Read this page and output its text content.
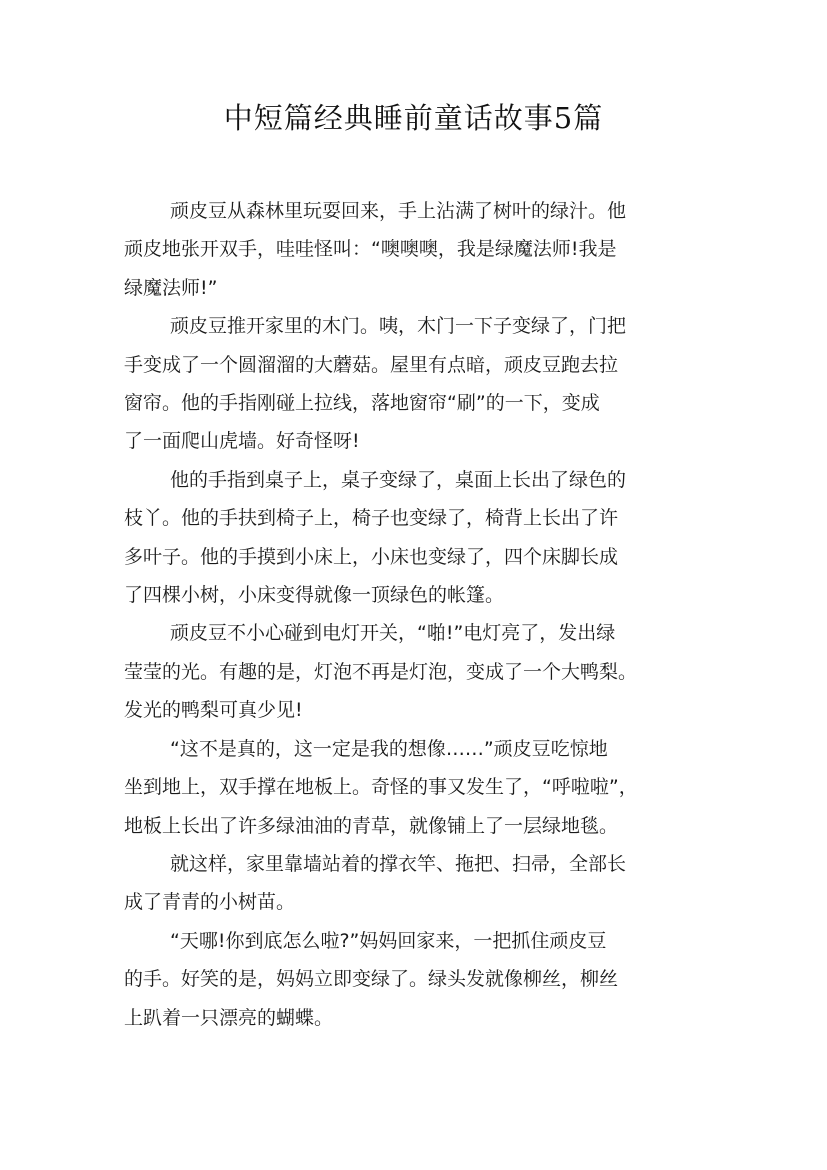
中短篇经典睡前童话故事5篇

顽皮豆从森林里玩耍回来，手上沾满了树叶的绿汁。他
顽皮地张开双手，哇哇怪叫：“噢噢噢，我是绿魔法师!我是
绿魔法师!”

顽皮豆推开家里的木门。咦，木门一下子变绿了，门把
手变成了一个圆溜溜的大蘑菇。屋里有点暗，顽皮豆跑去拉
窗帘。他的手指刚碰上拉线，落地窗帘“刷”的一下，变成
了一面爬山虎墙。好奇怪呀!

他的手指到桌子上，桌子变绿了，桌面上长出了绿色的
枝丫。他的手扶到椅子上，椅子也变绿了，椅背上长出了许
多叶子。他的手摸到小床上，小床也变绿了，四个床脚长成
了四棵小树，小床变得就像一顶绿色的帐篷。

顽皮豆不小心碰到电灯开关，“啪!”电灯亮了，发出绿
莹莹的光。有趣的是，灯泡不再是灯泡，变成了一个大鸭梨。
发光的鸭梨可真少见!

“这不是真的，这一定是我的想像……”顽皮豆吃惊地
坐到地上，双手撑在地板上。奇怪的事又发生了，“呼啦啦”，
地板上长出了许多绿油油的青草，就像铺上了一层绿地毯。

就这样，家里靠墙站着的撑衣竿、拖把、扫帚，全部长
成了青青的小树苗。

“天哪!你到底怎么啦?”妈妈回家来，一把抓住顽皮豆
的手。好笑的是，妈妈立即变绿了。绿头发就像柳丝，柳丝
上趴着一只漂亮的蝴蝶。
